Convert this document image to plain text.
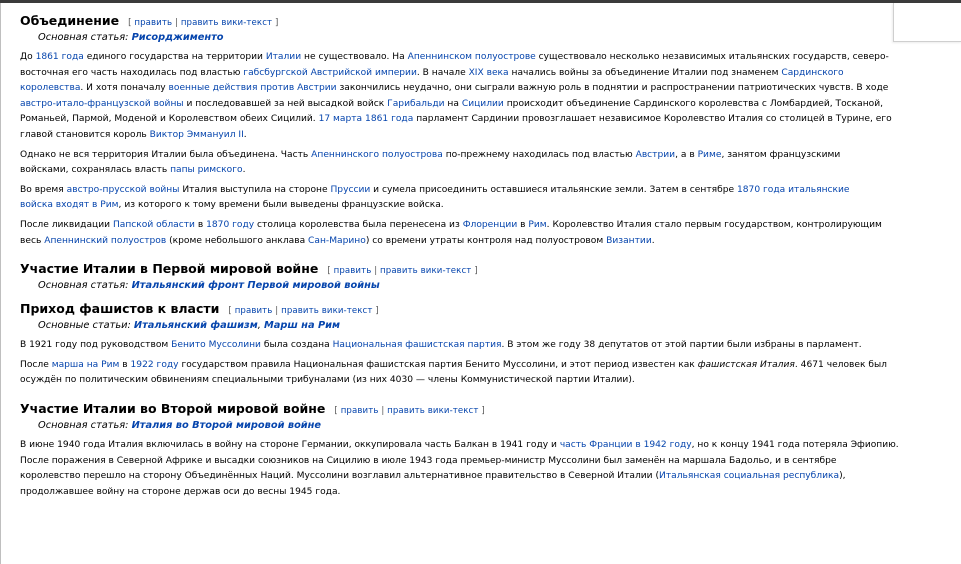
Объединение [ править | править вики-текст ]
Основная статья: Рисорджименто

До 1861 года единого государства на территории Италии не существовало. На Апеннинском полуострове существовало несколько независимых итальянских государств, северо-
восточная его часть находилась под властью габсбургской Австрийской империи. В начале XIX века начались войны за объединение Италии под знаменем Сардинского
королевства. И хотя поначалу военные действия против Австрии закончились неудачно, они сыграли важную роль в поднятии и распространении патриотических чувств. В ходе
австро-итало-французской войны и последовавшей за ней высадкой войск Гарибальди на Сицилии происходит объединение Сардинского королевства с Ломбардией, Тосканой,
Романьей, Пармой, Моденой и Королевством обеих Сицилий. 17 марта 1861 года парламент Сардинии провозглашает независимое Королевство Италия со столицей в Турине, его
главой становится король Виктор Эммануил II.

Однако не вся территория Италии была объединена. Часть Апеннинского полуострова по-прежнему находилась под властью Австрии, а в Риме, занятом французскими
войсками, сохранялась власть папы римского.

Во время австро-прусской войны Италия выступила на стороне Пруссии и сумела присоединить оставшиеся итальянские земли. Затем в сентябре 1870 года итальянские
войска входят в Рим, из которого к тому времени были выведены французские войска.

После ликвидации Папской области в 1870 году столица королевства была перенесена из Флоренции в Рим. Королевство Италия стало первым государством, контролирующим
весь Апеннинский полуостров (кроме небольшого анклава Сан-Марино) со времени утраты контроля над полуостровом Византии.

Участие Италии в Первой мировой войне [ править | править вики-текст ]
Основная статья: Итальянский фронт Первой мировой войны
Приход фашистов к власти [ править | править вики-текст ]
Основные статьи: Итальянский фашизм, Марш на Рим

В 1921 году под руководством Бенито Муссолини была создана Национальная фашистская партия. В этом же году 38 депутатов от этой партии были избраны в парламент.

После марша на Рим в 1922 году государством правила Национальная фашистская партия Бенито Муссолини, и этот период известен как фашистская Италия. 4671 человек был
осуждён по политическим обвинениям специальными трибуналами (из них 4030 — члены Коммунистической партии Италии).

Участие Италии во Второй мировой войне [ править | править вики-текст ]
Основная статья: Италия во Второй мировой войне

В июне 1940 года Италия включилась в войну на стороне Германии, оккупировала часть Балкан в 1941 году и часть Франции в 1942 году, но к концу 1941 года потеряла Эфиопию.
После поражения в Северной Африке и высадки союзников на Сицилию в июле 1943 года премьер-министр Муссолини был заменён на маршала Бадольо, и в сентябре
королевство перешло на сторону Объединённых Наций. Муссолини возглавил альтернативное правительство в Северной Италии (Итальянская социальная республика),
продолжавшее войну на стороне держав оси до весны 1945 года.
